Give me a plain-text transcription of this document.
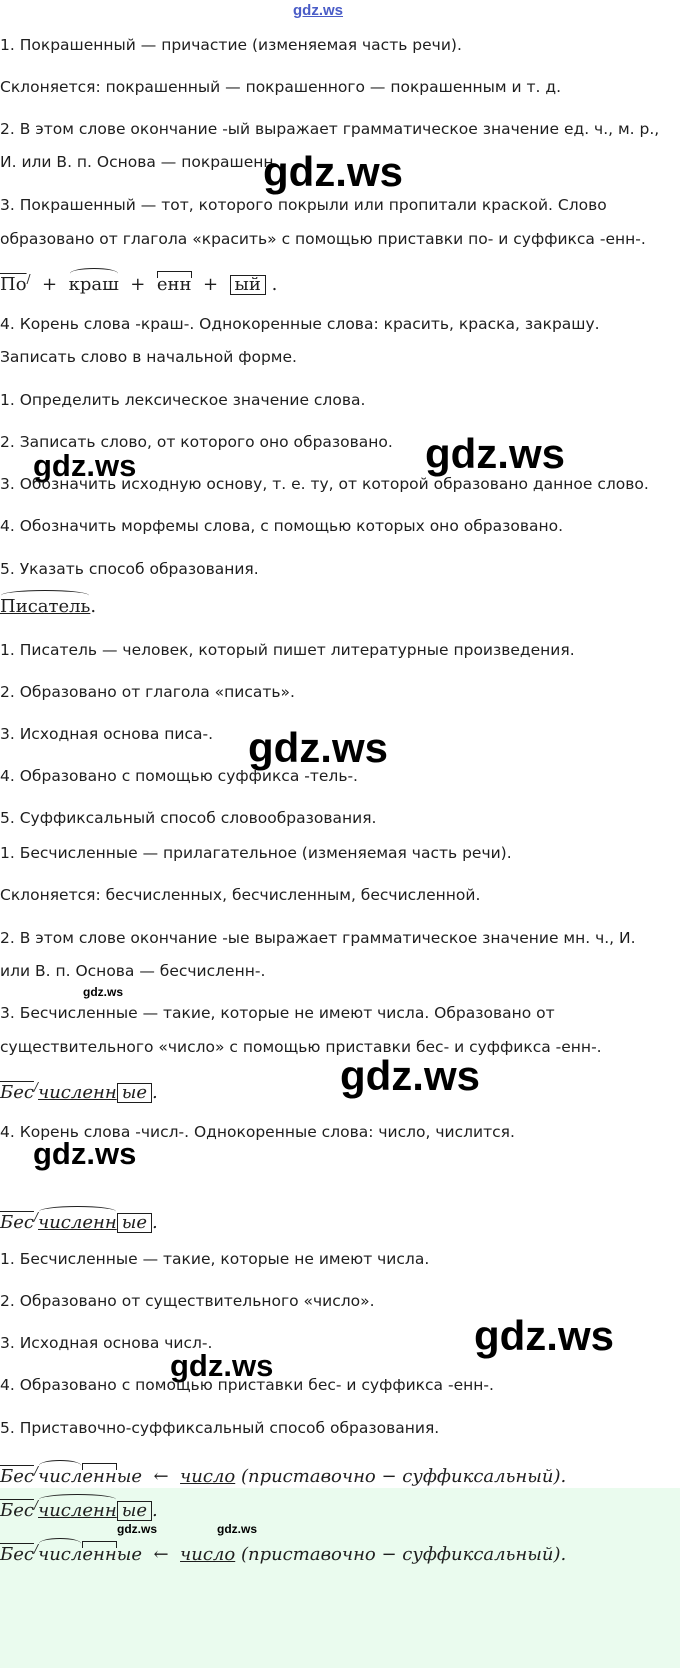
gdz.ws
1. Покрашенный — причастие (изменяемая часть речи).
Склоняется: покрашенный — покрашенного — покрашенным и т. д.
2. В этом слове окончание -ый выражает грамматическое значение ед. ч., м. р.,
И. или В. п. Основа — покрашенн.
gdz.ws
3. Покрашенный — тот, которого покрыли или пропитали краской. Слово
образовано от глагола «красить» с помощью приставки по- и суффикса -енн-.
По/ + краш + енн + ый .
4. Корень слова -краш-. Однокоренные слова: красить, краска, закрашу.
Записать слово в начальной форме.
1. Определить лексическое значение слова.
2. Записать слово, от которого оно образовано. gdz.ws
gdz.ws
3. Обозначить исходную основу, т. е. ту, от которой образовано данное слово.
4. Обозначить морфемы слова, с помощью которых оно образовано.
5. Указать способ образования.
Писатель.
1. Писатель — человек, который пишет литературные произведения.
2. Образовано от глагола «писать».
3. Исходная основа писа-. gdz.ws
4. Образовано с помощью суффикса -тель-.
5. Суффиксальный способ словообразования.
1. Бесчисленные — прилагательное (изменяемая часть речи).
Склоняется: бесчисленных, бесчисленным, бесчисленной.
2. В этом слове окончание -ые выражает грамматическое значение мн. ч., И.
или В. п. Основа — бесчисленн-.
gdz.ws
3. Бесчисленные — такие, которые не имеют числа. Образовано от
существительного «число» с помощью приставки бес- и суффикса -енн-.
Бес/численн ые .	gdz.ws
4. Корень слова -числ-. Однокоренные слова: число, числится.
gdz.ws
Бес/численн ые .
1. Бесчисленные — такие, которые не имеют числа.
2. Образовано от существительного «число».
3. Исходная основа числ-.	gdz.ws
gdz.ws
4. Образовано с помощью приставки бес- и суффикса -енн-.
5. Приставочно-суффиксальный способ образования.
Бес/численные ← число (приставочно − суффиксальный).
Бес/численн ые .
gdz.ws	gdz.ws
Бес/численные ← число (приставочно − суффиксальный).
